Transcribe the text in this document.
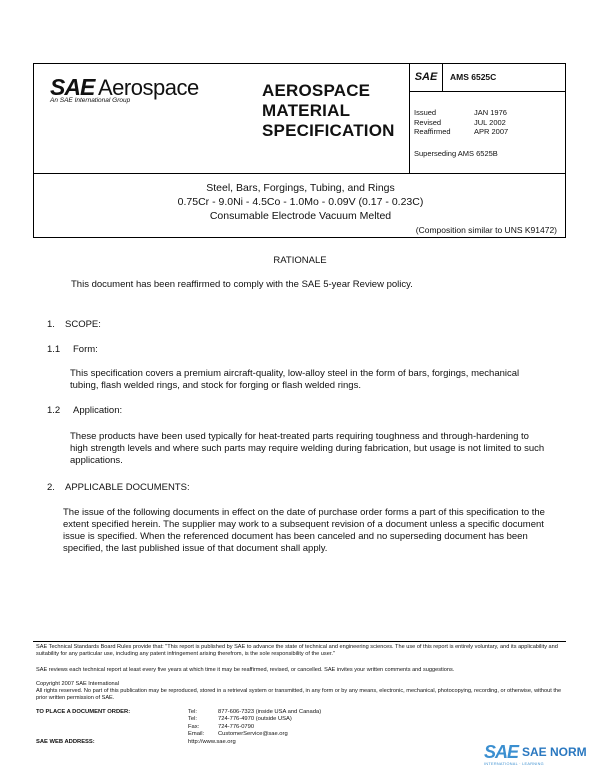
SAE Aerospace
An SAE International Group
AEROSPACE
MATERIAL
SPECIFICATION
SAE	AMS 6525C
Issued	JAN 1976
Revised	JUL 2002
Reaffirmed	APR 2007
Superseding AMS 6525B
Steel, Bars, Forgings, Tubing, and Rings
0.75Cr - 9.0Ni - 4.5Co - 1.0Mo - 0.09V (0.17 - 0.23C)
Consumable Electrode Vacuum Melted
(Composition similar to UNS K91472)
RATIONALE
This document has been reaffirmed to comply with the SAE 5-year Review policy.
1. SCOPE:
1.1 Form:
This specification covers a premium aircraft-quality, low-alloy steel in the form of bars, forgings, mechanical tubing, flash welded rings, and stock for forging or flash welded rings.
1.2 Application:
These products have been used typically for heat-treated parts requiring toughness and through-hardening to high strength levels and where such parts may require welding during fabrication, but usage is not limited to such applications.
2. APPLICABLE DOCUMENTS:
The issue of the following documents in effect on the date of purchase order forms a part of this specification to the extent specified herein. The supplier may work to a subsequent revision of a document unless a specific document issue is specified. When the referenced document has been canceled and no superseding document has been specified, the last published issue of that document shall apply.
SAE Technical Standards Board Rules provide that: "This report is published by SAE to advance the state of technical and engineering sciences. The use of this report is entirely voluntary, and its applicability and suitability for any particular use, including any patent infringement arising therefrom, is the sole responsibility of the user."
SAE reviews each technical report at least every five years at which time it may be reaffirmed, revised, or cancelled. SAE invites your written comments and suggestions.
Copyright 2007 SAE International
All rights reserved. No part of this publication may be reproduced, stored in a retrieval system or transmitted, in any form or by any means, electronic, mechanical, photocopying, recording, or otherwise, without the prior written permission of SAE.
TO PLACE A DOCUMENT ORDER:	Tel:	877-606-7323 (inside USA and Canada)
Tel:	724-776-4970 (outside USA)
Fax:	724-776-0790
Email: CustomerService@sae.org
SAE WEB ADDRESS:	http://www.sae.org
SAE SAE NORM
INTERNATIONAL · LEARNING
